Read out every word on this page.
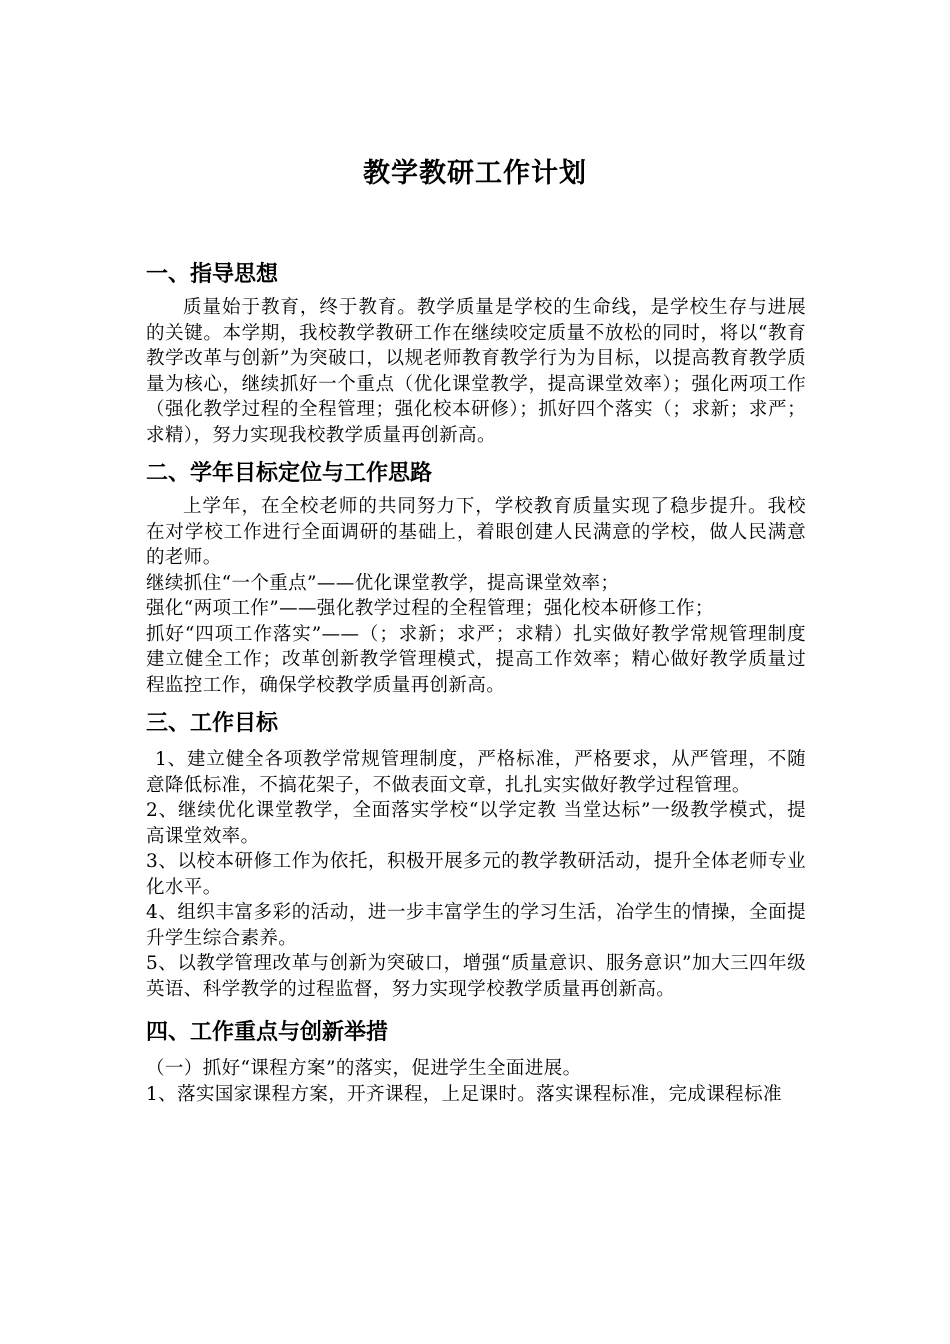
教学教研工作计划
一、指导思想

质量始于教育，终于教育。教学质量是学校的生命线，是学校生存与进展的关键。本学期，我校教学教研工作在继续咬定质量不放松的同时，将以“教育教学改革与创新”为突破口，以规老师教育教学行为为目标，以提高教育教学质量为核心，继续抓好一个重点（优化课堂教学，提高课堂效率）；强化两项工作（强化教学过程的全程管理；强化校本研修）；抓好四个落实（；求新；求严；求精），努力实现我校教学质量再创新高。

二、学年目标定位与工作思路

上学年，在全校老师的共同努力下，学校教育质量实现了稳步提升。我校在对学校工作进行全面调研的基础上，着眼创建人民满意的学校，做人民满意的老师。

继续抓住“一个重点”——优化课堂教学，提高课堂效率；

强化“两项工作”——强化教学过程的全程管理；强化校本研修工作；

抓好“四项工作落实”——（；求新；求严；求精）扎实做好教学常规管理制度建立健全工作；改革创新教学管理模式，提高工作效率；精心做好教学质量过程监控工作，确保学校教学质量再创新高。

三、工作目标

1、建立健全各项教学常规管理制度，严格标准，严格要求，从严管理，不随意降低标准，不搞花架子，不做表面文章，扎扎实实做好教学过程管理。

2、继续优化课堂教学，全面落实学校“以学定教 当堂达标”一级教学模式，提高课堂效率。

3、以校本研修工作为依托，积极开展多元的教学教研活动，提升全体老师专业化水平。

4、组织丰富多彩的活动，进一步丰富学生的学习生活，冶学生的情操，全面提升学生综合素养。

5、以教学管理改革与创新为突破口，增强“质量意识、服务意识”加大三四年级英语、科学教学的过程监督，努力实现学校教学质量再创新高。

四、工作重点与创新举措

（一）抓好“课程方案”的落实，促进学生全面进展。

1、落实国家课程方案，开齐课程，上足课时。落实课程标准，完成课程标准
